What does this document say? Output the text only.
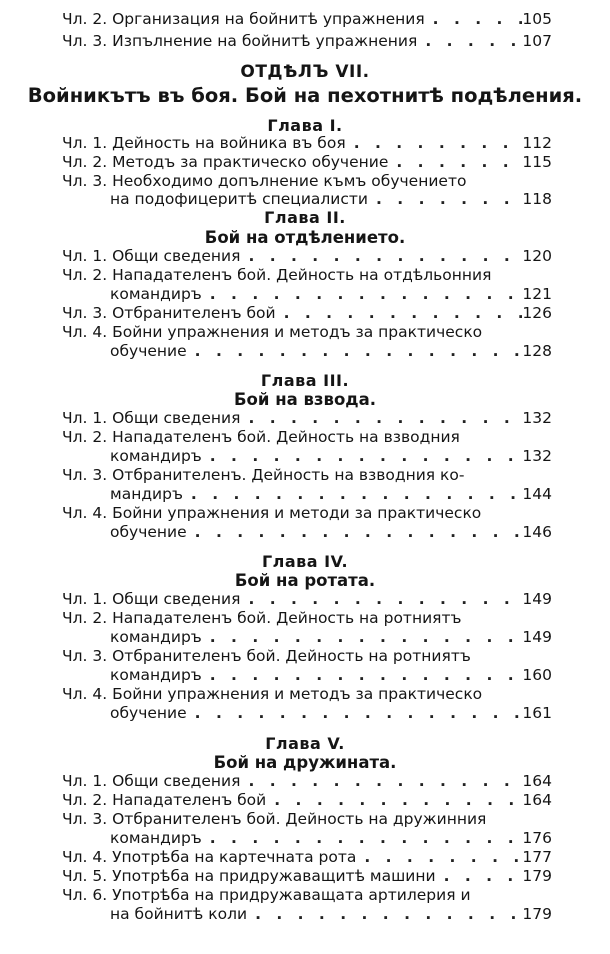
Чл. 2. Организация на бойнитѣ упражнения . . .	105
Чл. 3. Изпълнение на бойнитѣ упражнения . . .	107
ОТДѢЛЪ VII.
Войникътъ въ боя. Бой на пехотнитѣ подѣления.
Глава I.
Чл. 1. Дейность на войника въ боя . . .	112
Чл. 2. Методъ за практическо обучение . . .	115
Чл. 3. Необходимо допълнение къмъ обучението
на подофицеритѣ специалисти . . .	118
Глава II.
Бой на отдѣлението.
Чл. 1. Общи сведения . . .	120
Чл. 2. Нападателенъ бой. Дейность на отдѣльонния
командиръ . . .	121
Чл. 3. Отбранителенъ бой . . .	126
Чл. 4. Бойни упражнения и методъ за практическо
обучение . . .	128
Глава III.
Бой на взвода.
Чл. 1. Общи сведения . . .	132
Чл. 2. Нападателенъ бой. Дейность на взводния
командиръ . . .	132
Чл. 3. Отбранителенъ. Дейность на взводния ко-
мандиръ . . .	144
Чл. 4. Бойни упражнения и методи за практическо
обучение . . .	146
Глава IV.
Бой на ротата.
Чл. 1. Общи сведения . . .	149
Чл. 2. Нападателенъ бой. Дейность на ротниятъ
командиръ . . .	149
Чл. 3. Отбранителенъ бой. Дейность на ротниятъ
командиръ . . .	160
Чл. 4. Бойни упражнения и методъ за практическо
обучение . . .	161
Глава V.
Бой на дружината.
Чл. 1. Общи сведения . . .	164
Чл. 2. Нападателенъ бой . . .	164
Чл. 3. Отбранителенъ бой. Дейность на дружинния
командиръ . . .	176
Чл. 4. Употрѣба на картечната рота . . .	177
Чл. 5. Употрѣба на придружаващитѣ машини . . .	179
Чл. 6. Употрѣба на придружаващата артилерия и
на бойнитѣ коли . . .	179
